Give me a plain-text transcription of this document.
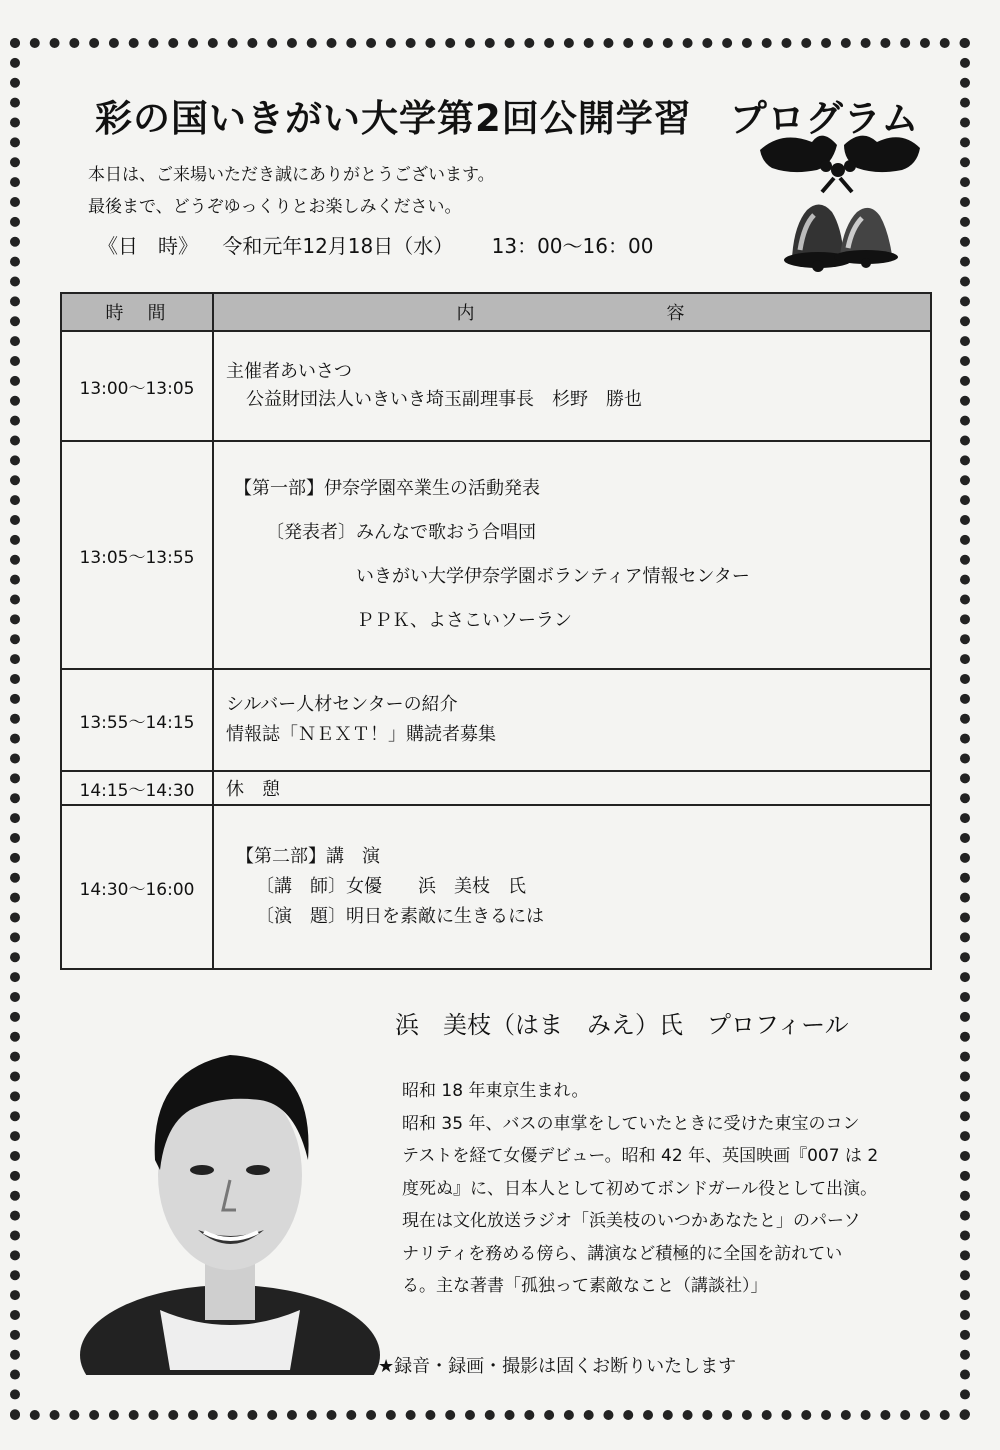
彩の国いきがい大学第2回公開学習　プログラム
本日は、ご来場いただき誠にありがとうございます。
最後まで、どうぞゆっくりとお楽しみください。
《日　時》 令和元年12月18日（水） 13：00～16：00
時　間	内　　　　　　　　　容
13:00～13:05	主催者あいさつ
公益財団法人いきいき埼玉副理事長　杉野　勝也

13:05～13:55	【第一部】伊奈学園卒業生の活動発表
〔発表者〕みんなで歌おう合唱団
いきがい大学伊奈学園ボランティア情報センター
ＰＰＫ、よさこいソーラン

13:55～14:15	シルバー人材センターの紹介
情報誌「ＮＥＸＴ！」購読者募集

14:15～14:30	休　憩

14:30～16:00	【第二部】講　演
〔講　師〕女優　　浜　美枝　氏
〔演　題〕明日を素敵に生きるには
浜　美枝（はま　みえ）氏　プロフィール
昭和 18 年東京生まれ。
昭和 35 年、バスの車掌をしていたときに受けた東宝のコン
テストを経て女優デビュー。昭和 42 年、英国映画『007 は 2
度死ぬ』に、日本人として初めてボンドガール役として出演。
現在は文化放送ラジオ「浜美枝のいつかあなたと」のパーソ
ナリティを務める傍ら、講演など積極的に全国を訪れてい
る。主な著書「孤独って素敵なこと（講談社）」
★録音・録画・撮影は固くお断りいたします
